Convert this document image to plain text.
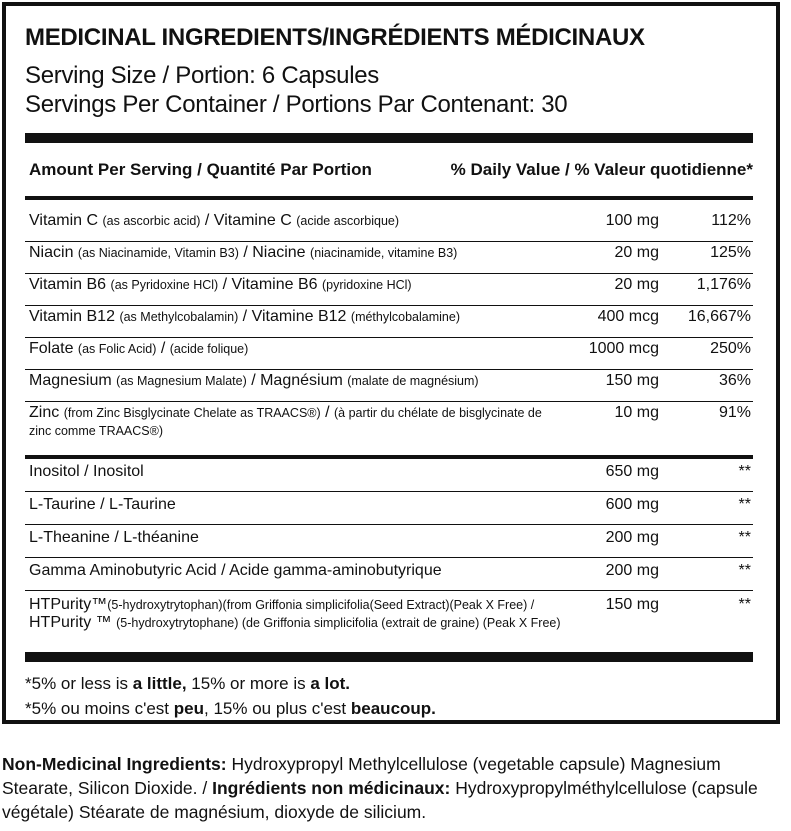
MEDICINAL INGREDIENTS/INGRÉDIENTS MÉDICINAUX
Serving Size / Portion: 6 Capsules
Servings Per Container / Portions Par Contenant: 30
Amount Per Serving / Quantité Par Portion	% Daily Value / % Valeur quotidienne*
Vitamin C (as ascorbic acid) / Vitamine C (acide ascorbique)	100 mg	112%
Niacin (as Niacinamide, Vitamin B3) / Niacine (niacinamide, vitamine B3)	20 mg	125%
Vitamin B6 (as Pyridoxine HCl) / Vitamine B6 (pyridoxine HCl)	20 mg 1,176%
Vitamin B12 (as Methylcobalamin) / Vitamine B12 (méthylcobalamine)	400 mcg 16,667%
Folate (as Folic Acid) / (acide folique)	1000 mcg	250%
Magnesium (as Magnesium Malate) / Magnésium (malate de magnésium)	150 mg	36%
Zinc (from Zinc Bisglycinate Chelate as TRAACS®) / (à partir du chélate de bisglycinate de zinc comme TRAACS®)
10 mg	91%
Inositol / Inositol	650 mg	**
L-Taurine / L-Taurine	600 mg	**
L-Theanine / L-théanine	200 mg	**
Gamma Aminobutyric Acid / Acide gamma-aminobutyrique	200 mg	**
HTPurity™(5-hydroxytrytophan)(from Griffonia simplicifolia(Seed Extract)(Peak X Free) /
HTPurity ™ (5-hydroxytrytophane) (de Griffonia simplicifolia (extrait de graine) (Peak X Free)
150 mg	**
*5% or less is a little, 15% or more is a lot.
*5% ou moins c'est peu, 15% ou plus c'est beaucoup.
Non-Medicinal Ingredients: Hydroxypropyl Methylcellulose (vegetable capsule) Magnesium Stearate, Silicon Dioxide. / Ingrédients non médicinaux: Hydroxypropylméthylcellulose (capsule végétale) Stéarate de magnésium, dioxyde de silicium.
